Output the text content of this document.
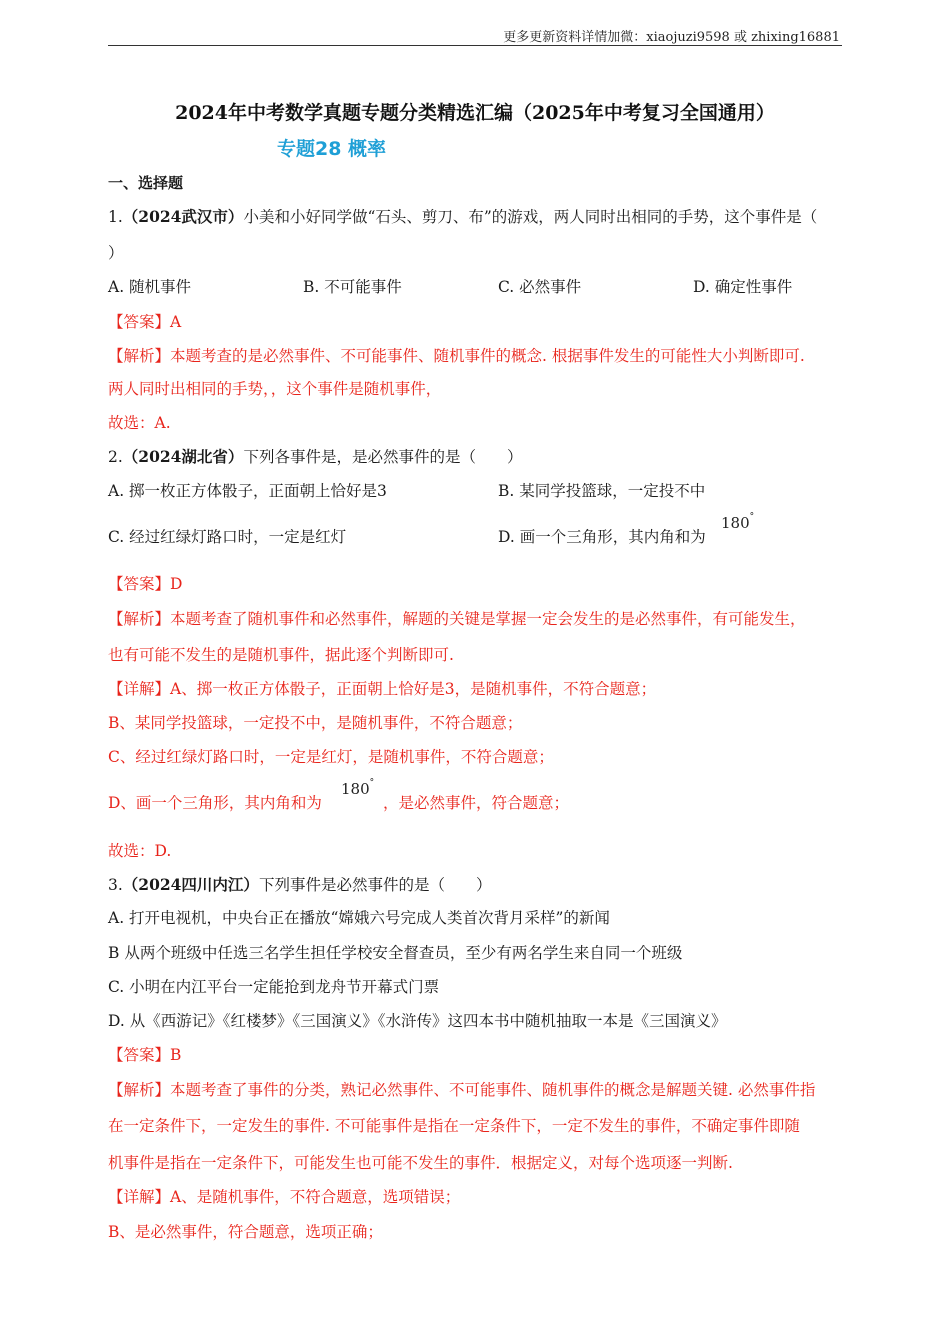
更多更新资料详情加微：xiaojuzi9598 或 zhixing16881
2024年中考数学真题专题分类精选汇编（2025年中考复习全国通用）
专题28 概率
一、选择题
1.（2024武汉市）小美和小好同学做“石头、剪刀、布”的游戏，两人同时出相同的手势，这个事件是（
）
A. 随机事件	B. 不可能事件	C. 必然事件	D. 确定性事件
【答案】A
【解析】本题考查的是必然事件、不可能事件、随机事件的概念. 根据事件发生的可能性大小判断即可.
两人同时出相同的手势，，这个事件是随机事件，
故选：A.
2.（2024湖北省）下列各事件是，是必然事件的是（　　）
A. 掷一枚正方体骰子，正面朝上恰好是3	B. 某同学投篮球，一定投不中
C. 经过红绿灯路口时，一定是红灯	D. 画一个三角形，其内角和为
180°
【答案】D
【解析】本题考查了随机事件和必然事件，解题的关键是掌握一定会发生的是必然事件，有可能发生，
也有可能不发生的是随机事件，据此逐个判断即可.
【详解】A、掷一枚正方体骰子，正面朝上恰好是3，是随机事件，不符合题意；
B、某同学投篮球，一定投不中，是随机事件，不符合题意；
C、经过红绿灯路口时，一定是红灯，是随机事件，不符合题意；
D、画一个三角形，其内角和为
180°
，是必然事件，符合题意；
故选：D.
3.（2024四川内江）下列事件是必然事件的是（　　）
A. 打开电视机，中央台正在播放“嫦娥六号完成人类首次背月采样”的新闻
B 从两个班级中任选三名学生担任学校安全督查员，至少有两名学生来自同一个班级
C. 小明在内江平台一定能抢到龙舟节开幕式门票
D. 从《西游记》《红楼梦》《三国演义》《水浒传》这四本书中随机抽取一本是《三国演义》
【答案】B
【解析】本题考查了事件的分类，熟记必然事件、不可能事件、随机事件的概念是解题关键. 必然事件指
在一定条件下，一定发生的事件. 不可能事件是指在一定条件下，一定不发生的事件，不确定事件即随
机事件是指在一定条件下，可能发生也可能不发生的事件．根据定义，对每个选项逐一判断.
【详解】A、是随机事件，不符合题意，选项错误；
B、是必然事件，符合题意，选项正确；
